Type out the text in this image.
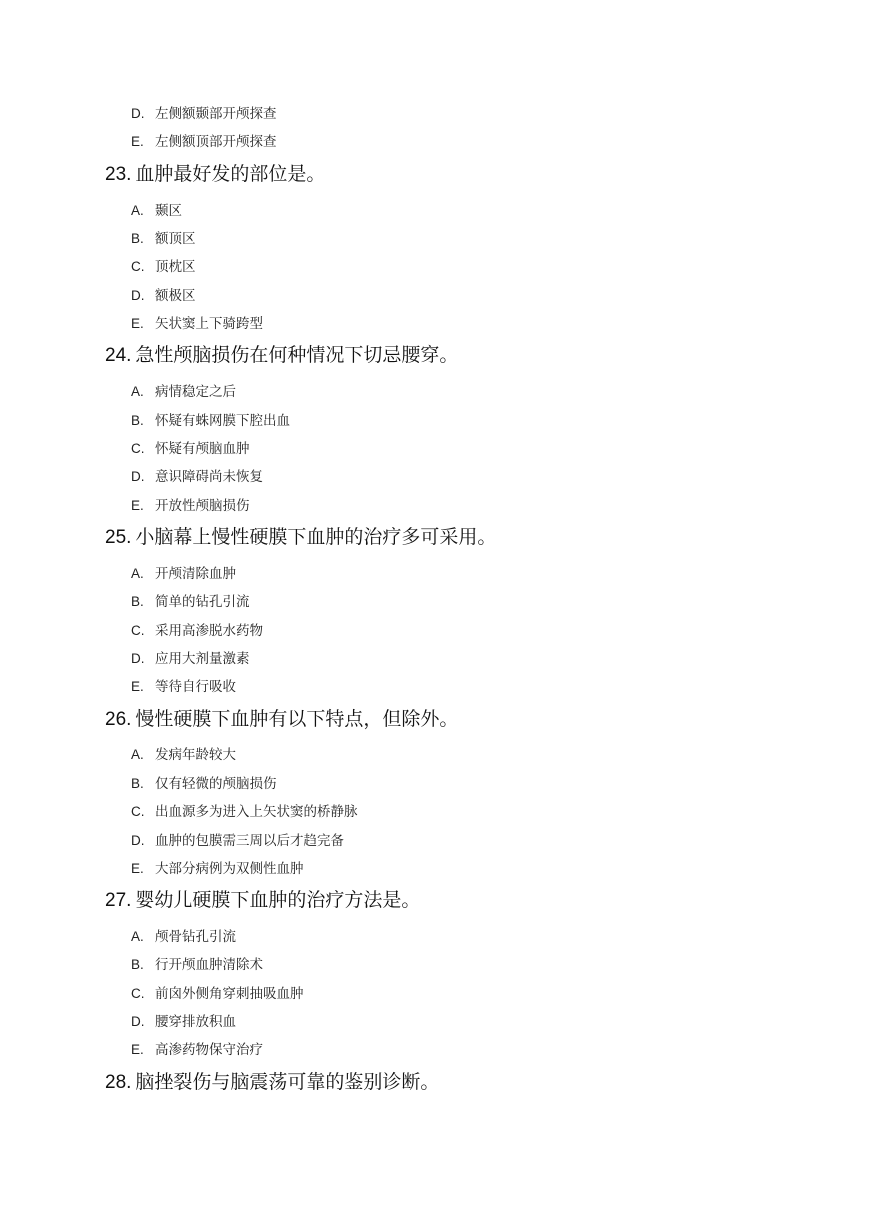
D. 左侧额颞部开颅探查
E. 左侧额顶部开颅探查
23. 血肿最好发的部位是。
A. 颞区
B. 额顶区
C. 顶枕区
D. 额极区
E. 矢状窦上下骑跨型
24. 急性颅脑损伤在何种情况下切忌腰穿。
A. 病情稳定之后
B. 怀疑有蛛网膜下腔出血
C. 怀疑有颅脑血肿
D. 意识障碍尚未恢复
E. 开放性颅脑损伤
25. 小脑幕上慢性硬膜下血肿的治疗多可采用。
A. 开颅清除血肿
B. 简单的钻孔引流
C. 采用高渗脱水药物
D. 应用大剂量激素
E. 等待自行吸收
26. 慢性硬膜下血肿有以下特点，但除外。
A. 发病年龄较大
B. 仅有轻微的颅脑损伤
C. 出血源多为进入上矢状窦的桥静脉
D. 血肿的包膜需三周以后才趋完备
E. 大部分病例为双侧性血肿
27. 婴幼儿硬膜下血肿的治疗方法是。
A. 颅骨钻孔引流
B. 行开颅血肿清除术
C. 前囟外侧角穿刺抽吸血肿
D. 腰穿排放积血
E. 高渗药物保守治疗
28. 脑挫裂伤与脑震荡可靠的鉴别诊断。
